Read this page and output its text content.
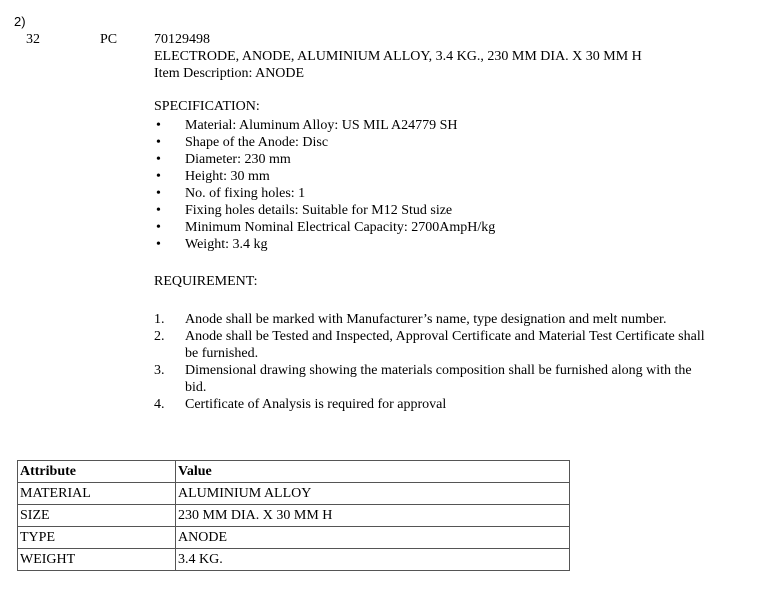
2)
32	PC	70129498
ELECTRODE, ANODE, ALUMINIUM ALLOY, 3.4 KG., 230 MM DIA. X 30 MM H
Item Description: ANODE
SPECIFICATION:
• Material: Aluminum Alloy: US MIL A24779 SH
• Shape of the Anode: Disc
• Diameter: 230 mm
• Height: 30 mm
• No. of fixing holes: 1
• Fixing holes details: Suitable for M12 Stud size
• Minimum Nominal Electrical Capacity: 2700AmpH/kg
• Weight: 3.4 kg
REQUIREMENT:
1. Anode shall be marked with Manufacturer’s name, type designation and melt number.
2. Anode shall be Tested and Inspected, Approval Certificate and Material Test Certificate shall be furnished.
3. Dimensional drawing showing the materials composition shall be furnished along with the bid.
4. Certificate of Analysis is required for approval
Attribute	Value
MATERIAL	ALUMINIUM ALLOY
SIZE	230 MM DIA. X 30 MM H
TYPE	ANODE
WEIGHT	3.4 KG.
